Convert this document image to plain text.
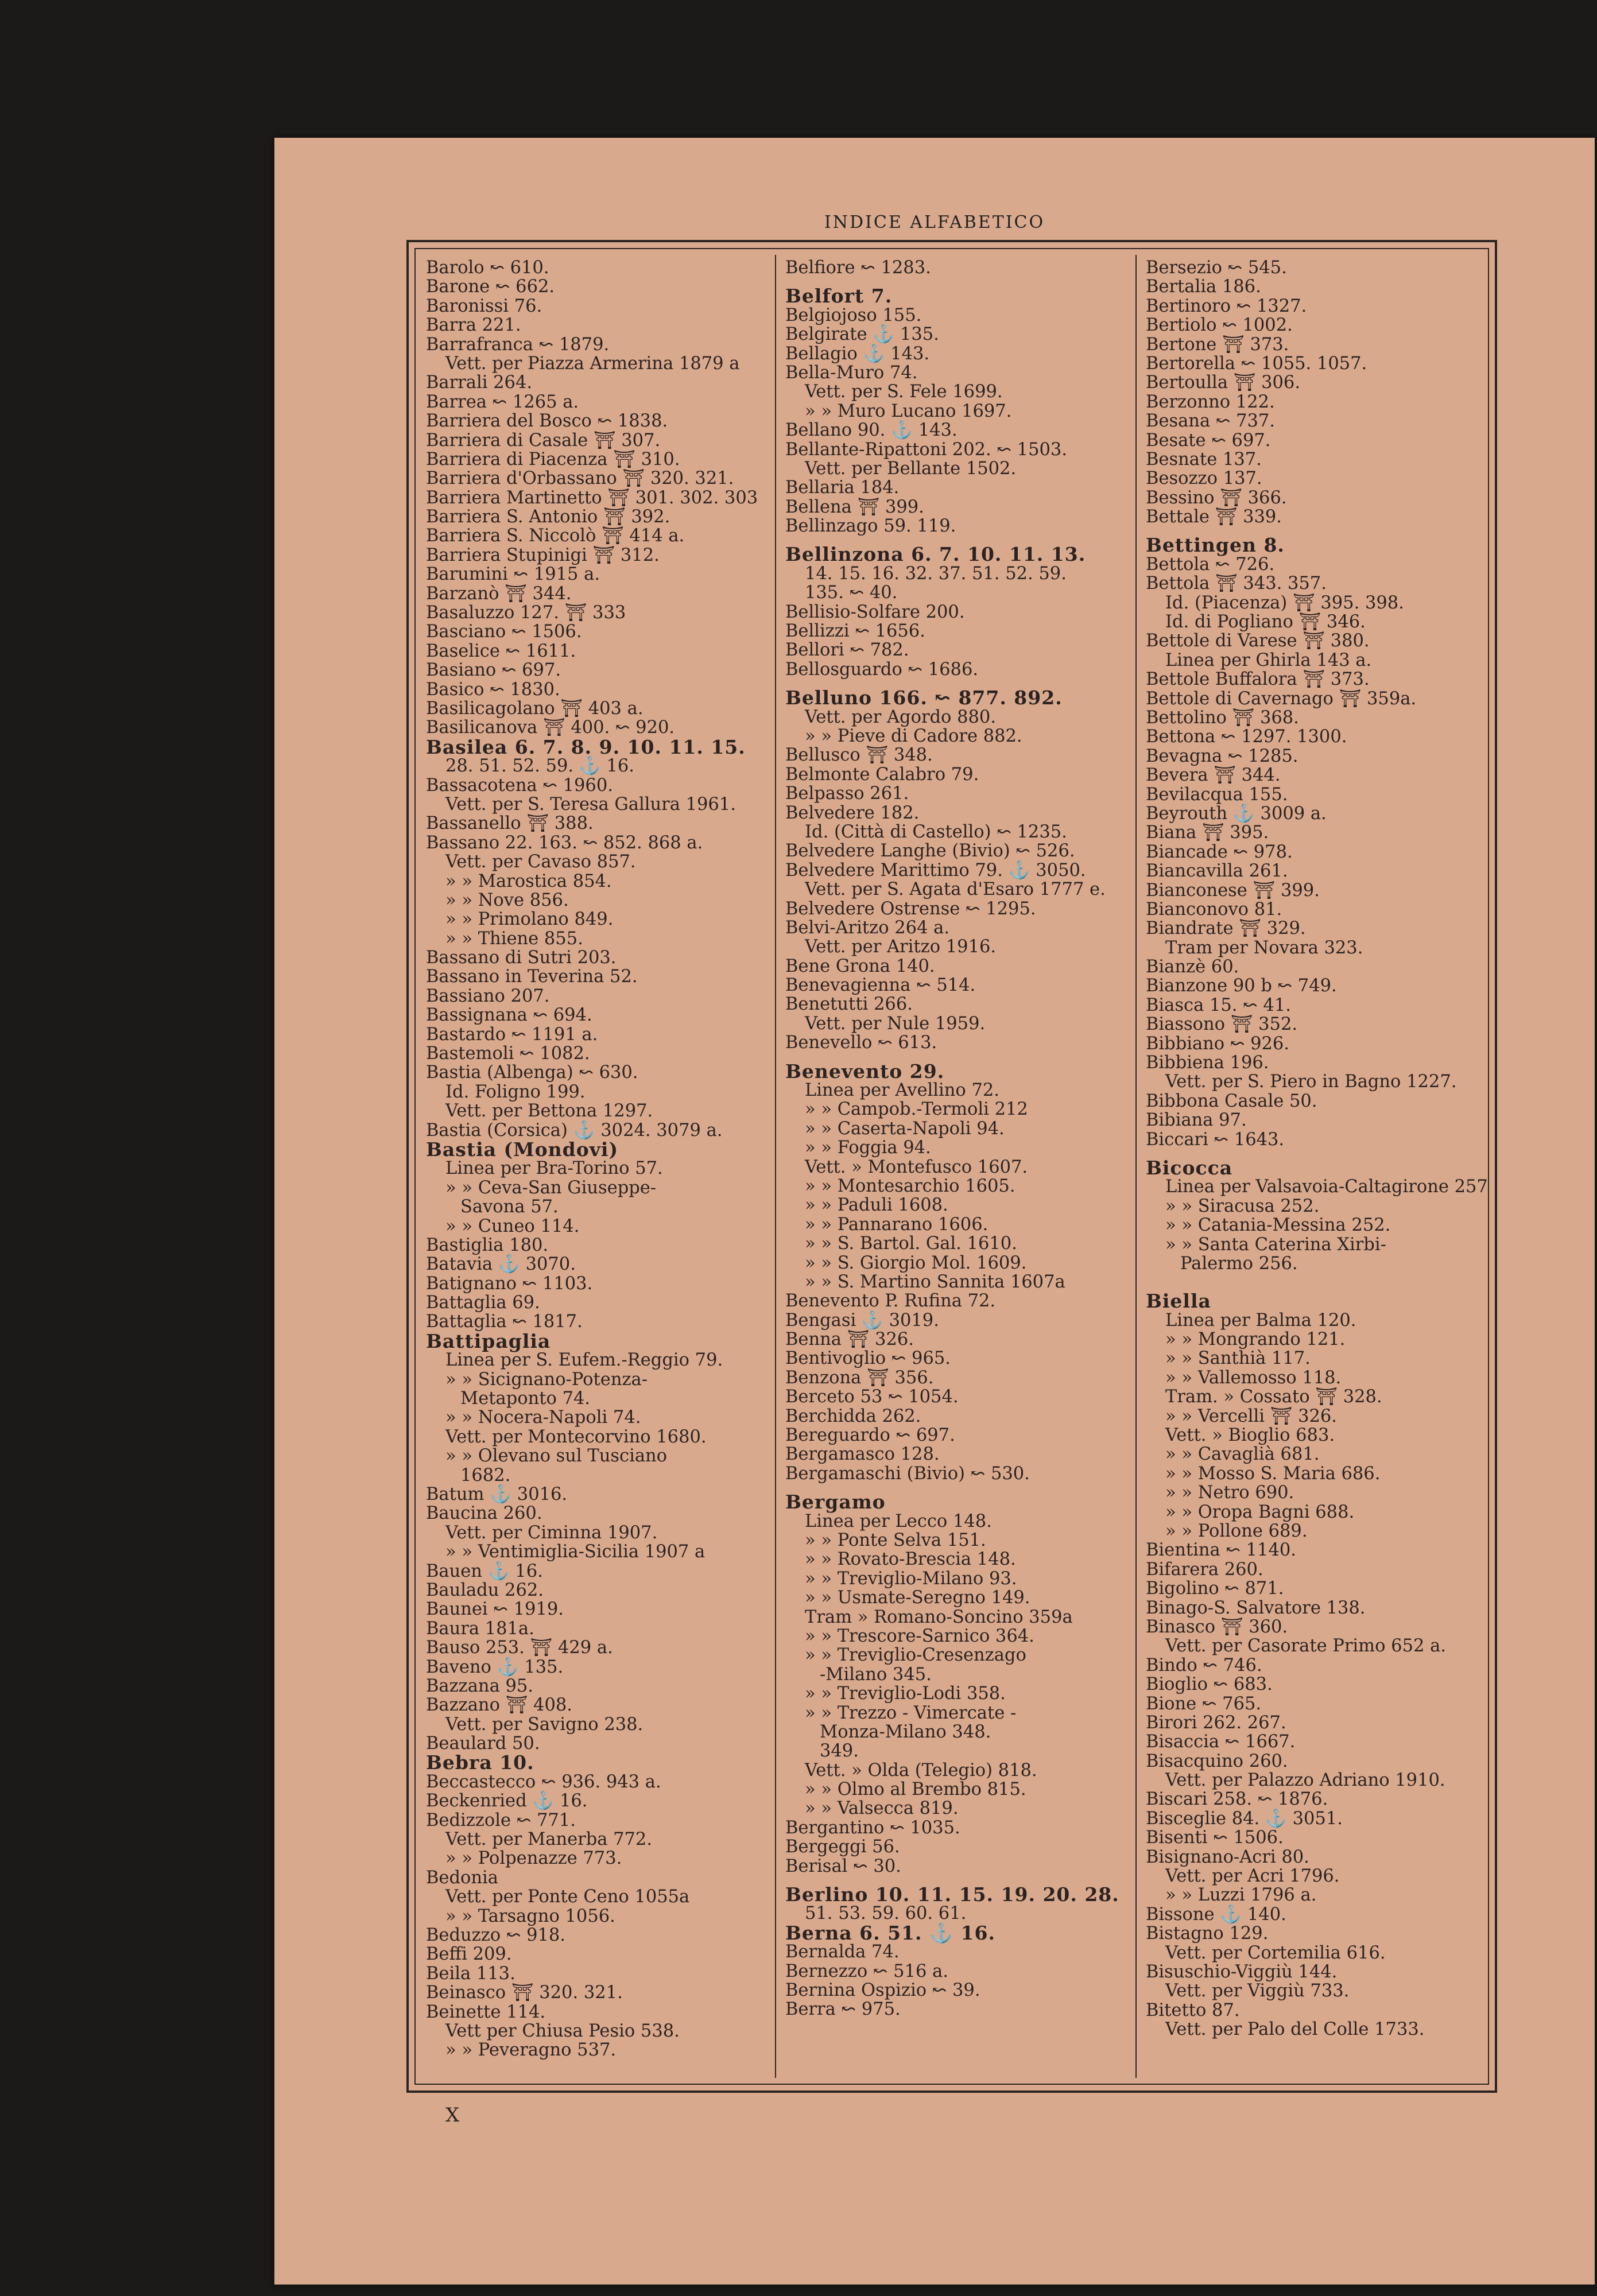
INDICE ALFABETICO
Barolo ↜ 610.
Barone ↜ 662.
Baronissi 76.
Barra 221.
Barrafranca ↜ 1879.
Vett. per Piazza Armerina 1879 a
Barrali 264.
Barrea ↜ 1265 a.
Barriera del Bosco ↜ 1838.
Barriera di Casale ⛩ 307.
Barriera di Piacenza ⛩ 310.
Barriera d'Orbassano ⛩ 320. 321.
Barriera Martinetto ⛩ 301. 302. 303
Barriera S. Antonio ⛩ 392.
Barriera S. Niccolò ⛩ 414 a.
Barriera Stupinigi ⛩ 312.
Barumini ↜ 1915 a.
Barzanò ⛩ 344.
Basaluzzo 127. ⛩ 333
Basciano ↜ 1506.
Baselice ↜ 1611.
Basiano ↜ 697.
Basico ↜ 1830.
Basilicagolano ⛩ 403 a.
Basilicanova ⛩ 400. ↜ 920.
Basilea 6. 7. 8. 9. 10. 11. 15.
28. 51. 52. 59. ⚓ 16.
Bassacotena ↜ 1960.
Vett. per S. Teresa Gallura 1961.
Bassanello ⛩ 388.
Bassano 22. 163. ↜ 852. 868 a.
Vett. per Cavaso 857.
» » Marostica 854.
» » Nove 856.
» » Primolano 849.
» » Thiene 855.
Bassano di Sutri 203.
Bassano in Teverina 52.
Bassiano 207.
Bassignana ↜ 694.
Bastardo ↜ 1191 a.
Bastemoli ↜ 1082.
Bastia (Albenga) ↜ 630.
Id. Foligno 199.
Vett. per Bettona 1297.
Bastia (Corsica) ⚓ 3024. 3079 a.
Bastia (Mondovi)
Linea per Bra-Torino 57.
» » Ceva-San Giuseppe-
Savona 57.
» » Cuneo 114.
Bastiglia 180.
Batavia ⚓ 3070.
Batignano ↜ 1103.
Battaglia 69.
Battaglia ↜ 1817.
Battipaglia
Linea per S. Eufem.-Reggio 79.
» » Sicignano-Potenza-
Metaponto 74.
» » Nocera-Napoli 74.
Vett. per Montecorvino 1680.
» » Olevano sul Tusciano
1682.
Batum ⚓ 3016.
Baucina 260.
Vett. per Ciminna 1907.
» » Ventimiglia-Sicilia 1907 a
Bauen ⚓ 16.
Bauladu 262.
Baunei ↜ 1919.
Baura 181a.
Bauso 253. ⛩ 429 a.
Baveno ⚓ 135.
Bazzana 95.
Bazzano ⛩ 408.
Vett. per Savigno 238.
Beaulard 50.
Bebra 10.
Beccastecco ↜ 936. 943 a.
Beckenried ⚓ 16.
Bedizzole ↜ 771.
Vett. per Manerba 772.
» » Polpenazze 773.
Bedonia
Vett. per Ponte Ceno 1055a
» » Tarsagno 1056.
Beduzzo ↜ 918.
Beffi 209.
Beila 113.
Beinasco ⛩ 320. 321.
Beinette 114.
Vett per Chiusa Pesio 538.
» » Peveragno 537.
Belfiore ↜ 1283.
Belfort 7.
Belgiojoso 155.
Belgirate ⚓ 135.
Bellagio ⚓ 143.
Bella-Muro 74.
Vett. per S. Fele 1699.
» » Muro Lucano 1697.
Bellano 90. ⚓ 143.
Bellante-Ripattoni 202. ↜ 1503.
Vett. per Bellante 1502.
Bellaria 184.
Bellena ⛩ 399.
Bellinzago 59. 119.
Bellinzona 6. 7. 10. 11. 13.
14. 15. 16. 32. 37. 51. 52. 59.
135. ↜ 40.
Bellisio-Solfare 200.
Bellizzi ↜ 1656.
Bellori ↜ 782.
Bellosguardo ↜ 1686.
Belluno 166. ↜ 877. 892.
Vett. per Agordo 880.
» » Pieve di Cadore 882.
Bellusco ⛩ 348.
Belmonte Calabro 79.
Belpasso 261.
Belvedere 182.
Id. (Città di Castello) ↜ 1235.
Belvedere Langhe (Bivio) ↜ 526.
Belvedere Marittimo 79. ⚓ 3050.
Vett. per S. Agata d'Esaro 1777 e.
Belvedere Ostrense ↜ 1295.
Belvi-Aritzo 264 a.
Vett. per Aritzo 1916.
Bene Grona 140.
Benevagienna ↜ 514.
Benetutti 266.
Vett. per Nule 1959.
Benevello ↜ 613.
Benevento 29.
Linea per Avellino 72.
» » Campob.-Termoli 212
» » Caserta-Napoli 94.
» » Foggia 94.
Vett. » Montefusco 1607.
» » Montesarchio 1605.
» » Paduli 1608.
» » Pannarano 1606.
» » S. Bartol. Gal. 1610.
» » S. Giorgio Mol. 1609.
» » S. Martino Sannita 1607a
Benevento P. Rufina 72.
Bengasi ⚓ 3019.
Benna ⛩ 326.
Bentivoglio ↜ 965.
Benzona ⛩ 356.
Berceto 53 ↜ 1054.
Berchidda 262.
Bereguardo ↜ 697.
Bergamasco 128.
Bergamaschi (Bivio) ↜ 530.
Bergamo
Linea per Lecco 148.
» » Ponte Selva 151.
» » Rovato-Brescia 148.
» » Treviglio-Milano 93.
» » Usmate-Seregno 149.
Tram » Romano-Soncino 359a
» » Trescore-Sarnico 364.
» » Treviglio-Cresenzago
-Milano 345.
» » Treviglio-Lodi 358.
» » Trezzo - Vimercate -
Monza-Milano 348.
349.
Vett. » Olda (Telegio) 818.
» » Olmo al Brembo 815.
» » Valsecca 819.
Bergantino ↜ 1035.
Bergeggi 56.
Berisal ↜ 30.
Berlino 10. 11. 15. 19. 20. 28.
51. 53. 59. 60. 61.
Berna 6. 51. ⚓ 16.
Bernalda 74.
Bernezzo ↜ 516 a.
Bernina Ospizio ↜ 39.
Berra ↜ 975.
Bersezio ↜ 545.
Bertalia 186.
Bertinoro ↜ 1327.
Bertiolo ↜ 1002.
Bertone ⛩ 373.
Bertorella ↜ 1055. 1057.
Bertoulla ⛩ 306.
Berzonno 122.
Besana ↜ 737.
Besate ↜ 697.
Besnate 137.
Besozzo 137.
Bessino ⛩ 366.
Bettale ⛩ 339.
Bettingen 8.
Bettola ↜ 726.
Bettola ⛩ 343. 357.
Id. (Piacenza) ⛩ 395. 398.
Id. di Pogliano ⛩ 346.
Bettole di Varese ⛩ 380.
Linea per Ghirla 143 a.
Bettole Buffalora ⛩ 373.
Bettole di Cavernago ⛩ 359a.
Bettolino ⛩ 368.
Bettona ↜ 1297. 1300.
Bevagna ↜ 1285.
Bevera ⛩ 344.
Bevilacqua 155.
Beyrouth ⚓ 3009 a.
Biana ⛩ 395.
Biancade ↜ 978.
Biancavilla 261.
Bianconese ⛩ 399.
Bianconovo 81.
Biandrate ⛩ 329.
Tram per Novara 323.
Bianzè 60.
Bianzone 90 b ↜ 749.
Biasca 15. ↜ 41.
Biassono ⛩ 352.
Bibbiano ↜ 926.
Bibbiena 196.
Vett. per S. Piero in Bagno 1227.
Bibbona Casale 50.
Bibiana 97.
Biccari ↜ 1643.
Bicocca
Linea per Valsavoia-Caltagirone 257
» » Siracusa 252.
» » Catania-Messina 252.
» » Santa Caterina Xirbi-
Palermo 256.
Biella
Linea per Balma 120.
» » Mongrando 121.
» » Santhià 117.
» » Vallemosso 118.
Tram. » Cossato ⛩ 328.
» » Vercelli ⛩ 326.
Vett. » Bioglio 683.
» » Cavaglià 681.
» » Mosso S. Maria 686.
» » Netro 690.
» » Oropa Bagni 688.
» » Pollone 689.
Bientina ↜ 1140.
Bifarera 260.
Bigolino ↜ 871.
Binago-S. Salvatore 138.
Binasco ⛩ 360.
Vett. per Casorate Primo 652 a.
Bindo ↜ 746.
Bioglio ↜ 683.
Bione ↜ 765.
Birori 262. 267.
Bisaccia ↜ 1667.
Bisacquino 260.
Vett. per Palazzo Adriano 1910.
Biscari 258. ↜ 1876.
Bisceglie 84. ⚓ 3051.
Bisenti ↜ 1506.
Bisignano-Acri 80.
Vett. per Acri 1796.
» » Luzzi 1796 a.
Bissone ⚓ 140.
Bistagno 129.
Vett. per Cortemilia 616.
Bisuschio-Viggiù 144.
Vett. per Viggiù 733.
Bitetto 87.
Vett. per Palo del Colle 1733.
X
